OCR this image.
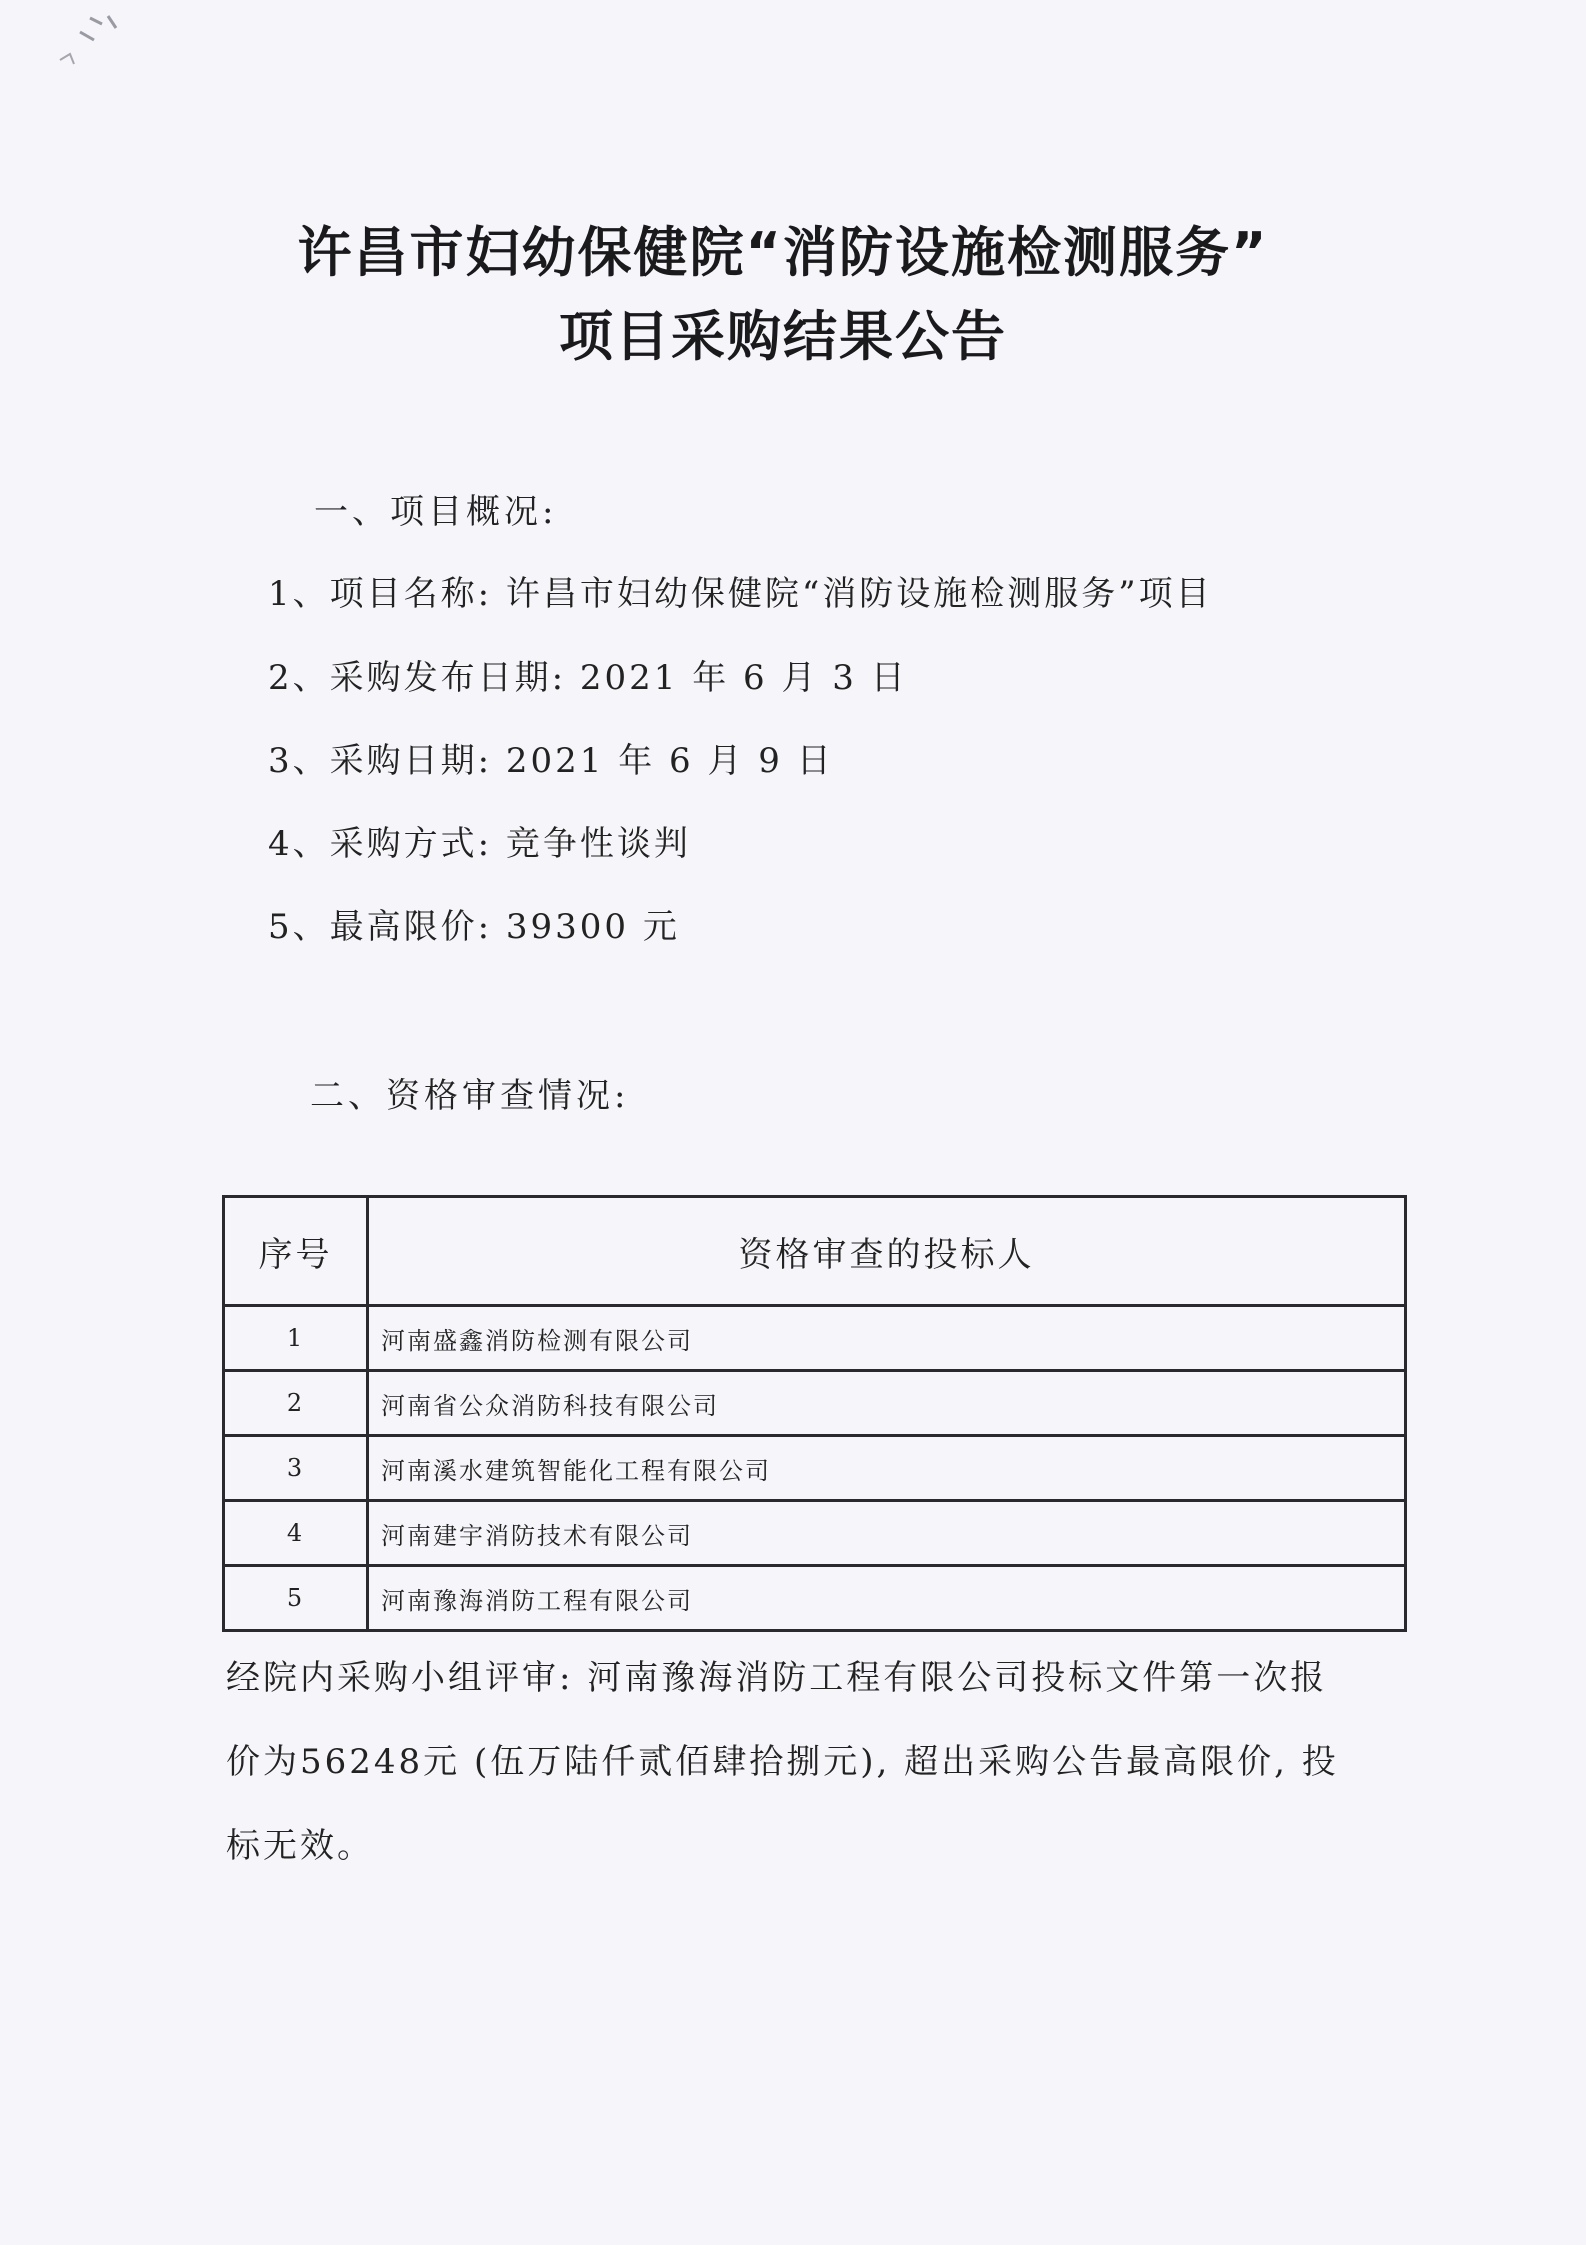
许昌市妇幼保健院“消防设施检测服务”
项目采购结果公告
一、项目概况:
1、项目名称: 许昌市妇幼保健院“消防设施检测服务”项目
2、采购发布日期: 2021 年 6 月 3 日
3、采购日期: 2021 年 6 月 9 日
4、采购方式: 竞争性谈判
5、最高限价: 39300 元
二、资格审查情况:
序号	资格审查的投标人
1	河南盛鑫消防检测有限公司
2	河南省公众消防科技有限公司
3	河南溪水建筑智能化工程有限公司
4	河南建宇消防技术有限公司
5	河南豫海消防工程有限公司
经院内采购小组评审: 河南豫海消防工程有限公司投标文件第一次报价为56248元 (伍万陆仟贰佰肆拾捌元), 超出采购公告最高限价, 投标无效。
